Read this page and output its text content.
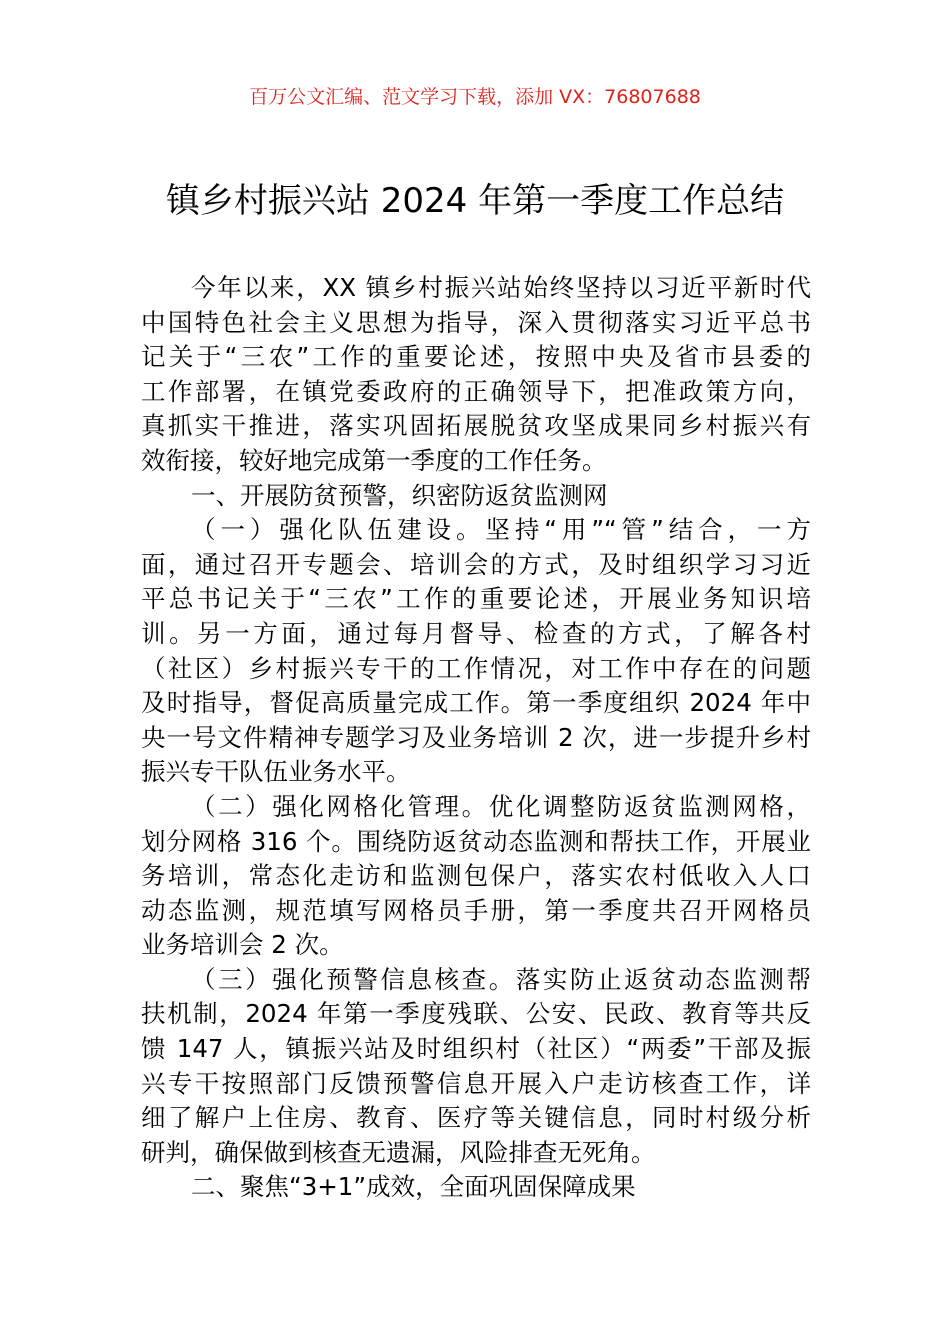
百万公文汇编、范文学习下载，添加 VX：76807688
镇乡村振兴站 2024 年第一季度工作总结
今年以来，XX 镇乡村振兴站始终坚持以习近平新时代
中国特色社会主义思想为指导，深入贯彻落实习近平总书
记关于“三农”工作的重要论述，按照中央及省市县委的
工作部署，在镇党委政府的正确领导下，把准政策方向，
真抓实干推进，落实巩固拓展脱贫攻坚成果同乡村振兴有
效衔接，较好地完成第一季度的工作任务。
一、开展防贫预警，织密防返贫监测网
（一）强化队伍建设。坚持“用”“管”结合，一方
面，通过召开专题会、培训会的方式，及时组织学习习近
平总书记关于“三农”工作的重要论述，开展业务知识培
训。另一方面，通过每月督导、检查的方式，了解各村
（社区）乡村振兴专干的工作情况，对工作中存在的问题
及时指导，督促高质量完成工作。第一季度组织 2024 年中
央一号文件精神专题学习及业务培训 2 次，进一步提升乡村
振兴专干队伍业务水平。
（二）强化网格化管理。优化调整防返贫监测网格，
划分网格 316 个。围绕防返贫动态监测和帮扶工作，开展业
务培训，常态化走访和监测包保户，落实农村低收入人口
动态监测，规范填写网格员手册，第一季度共召开网格员
业务培训会 2 次。
（三）强化预警信息核查。落实防止返贫动态监测帮
扶机制，2024 年第一季度残联、公安、民政、教育等共反
馈 147 人，镇振兴站及时组织村（社区）“两委”干部及振
兴专干按照部门反馈预警信息开展入户走访核查工作，详
细了解户上住房、教育、医疗等关键信息，同时村级分析
研判，确保做到核查无遗漏，风险排查无死角。
二、聚焦“3+1”成效，全面巩固保障成果
